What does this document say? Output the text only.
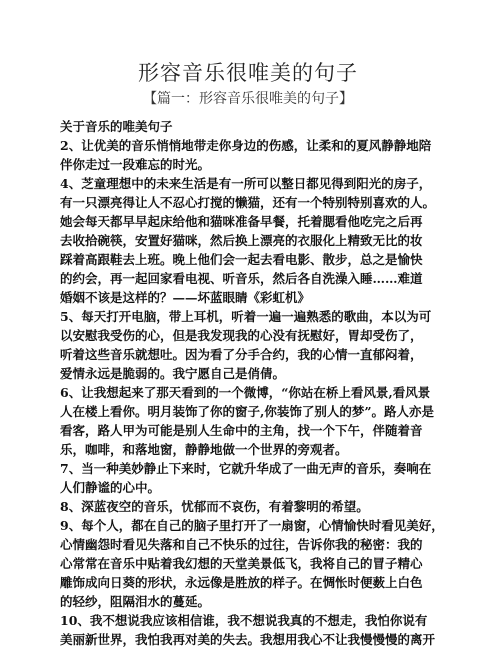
形容音乐很唯美的句子
【篇一：形容音乐很唯美的句子】

关于音乐的唯美句子

2、让优美的音乐悄悄地带走你身边的伤感，让柔和的夏风静静地陪

伴你走过一段难忘的时光。

4、芝童理想中的未来生活是有一所可以整日都见得到阳光的房子，

有一只漂亮得让人不忍心打搅的懒猫，还有一个特别特别喜欢的人。

她会每天都早早起床给他和猫咪准备早餐，托着腮看他吃完之后再

去收拾碗筷，安置好猫咪，然后换上漂亮的衣服化上精致无比的妆

踩着高跟鞋去上班。晚上他们会一起去看电影、散步，总之是愉快

的约会，再一起回家看电视、听音乐，然后各自洗澡入睡……难道

婚姻不该是这样的？——坏蓝眼睛《彩虹机》

5、每天打开电脑，带上耳机，听着一遍一遍熟悉的歌曲，本以为可

以安慰我受伤的心，但是我发现我的心没有抚慰好，胃却受伤了，

听着这些音乐就想吐。因为看了分手合约，我的心情一直郁闷着，

爱情永远是脆弱的。我宁愿自己是俏倩。

6、让我想起来了那天看到的一个微博，“你站在桥上看风景,看风景

人在楼上看你。明月装饰了你的窗子,你装饰了别人的梦”。路人亦是

看客，路人甲为可能是别人生命中的主角，找一个下午，伴随着音

乐，咖啡，和落地窗，静静地做一个世界的旁观者。

7、当一种美妙静止下来时，它就升华成了一曲无声的音乐，奏响在

人们静谧的心中。

8、深蓝夜空的音乐，忧郁而不哀伤，有着黎明的希望。

9、每个人，都在自己的脑子里打开了一扇窗，心情愉快时看见美好，

心情幽怨时看见失落和自己不快乐的过往，告诉你我的秘密：我的

心常常在音乐中贴着我幻想的天堂美景低飞，我将自己的冒子精心

雕饰成向日葵的形状，永远像是胜放的样子。在惆怅时便薮上白色

的轻纱，阻隔泪水的蔓延。

10、我不想说我应该相信谁，我不想说我真的不想走，我怕你说有

美丽新世界，我怕我再对美的失去。我想用我心不让我慢慢慢的离开
